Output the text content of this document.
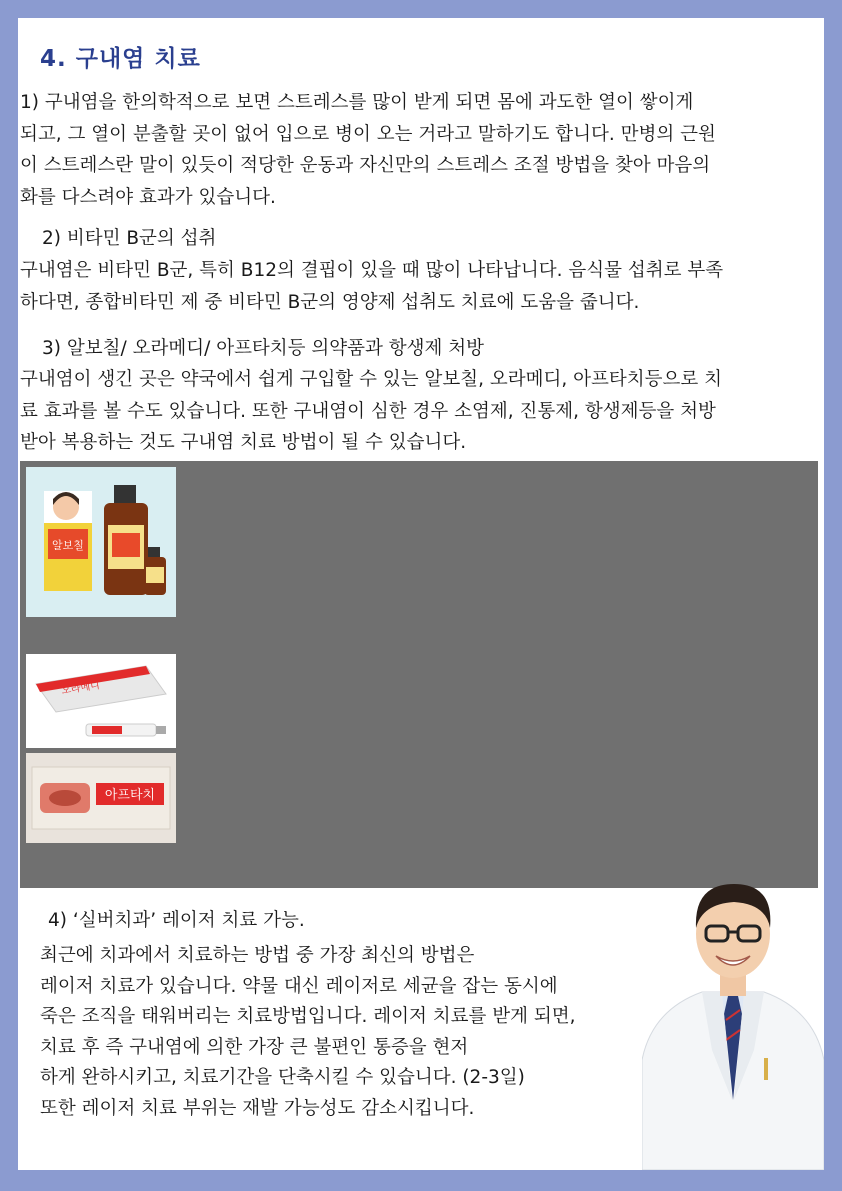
4. 구내염 치료
1) 구내염을 한의학적으로 보면 스트레스를 많이 받게 되면 몸에 과도한 열이 쌓이게
되고, 그 열이 분출할 곳이 없어 입으로 병이 오는 거라고 말하기도 합니다. 만병의 근원
이 스트레스란 말이 있듯이 적당한 운동과 자신만의 스트레스 조절 방법을 찾아 마음의
화를 다스려야 효과가 있습니다.

2) 비타민 B군의 섭취

구내염은 비타민 B군, 특히 B12의 결핍이 있을 때 많이 나타납니다. 음식물 섭취로 부족
하다면, 종합비타민 제 중 비타민 B군의 영양제 섭취도 치료에 도움을 줍니다.

3) 알보칠/ 오라메디/ 아프타치등 의약품과 항생제 처방

구내염이 생긴 곳은 약국에서 쉽게 구입할 수 있는 알보칠, 오라메디, 아프타치등으로 치
료 효과를 볼 수도 있습니다. 또한 구내염이 심한 경우 소염제, 진통제, 항생제등을 처방
받아 복용하는 것도 구내염 치료 방법이 될 수 있습니다.
알보칠
오라메디
아프타치

4) ‘실버치과’ 레이저 치료 가능.

최근에 치과에서 치료하는 방법 중 가장 최신의 방법은
레이저 치료가 있습니다. 약물 대신 레이저로 세균을 잡는 동시에
죽은 조직을 태워버리는 치료방법입니다. 레이저 치료를 받게 되면,
치료 후 즉 구내염에 의한 가장 큰 불편인 통증을 현저
하게 완하시키고, 치료기간을 단축시킬 수 있습니다. (2-3일)
또한 레이저 치료 부위는 재발 가능성도 감소시킵니다.
